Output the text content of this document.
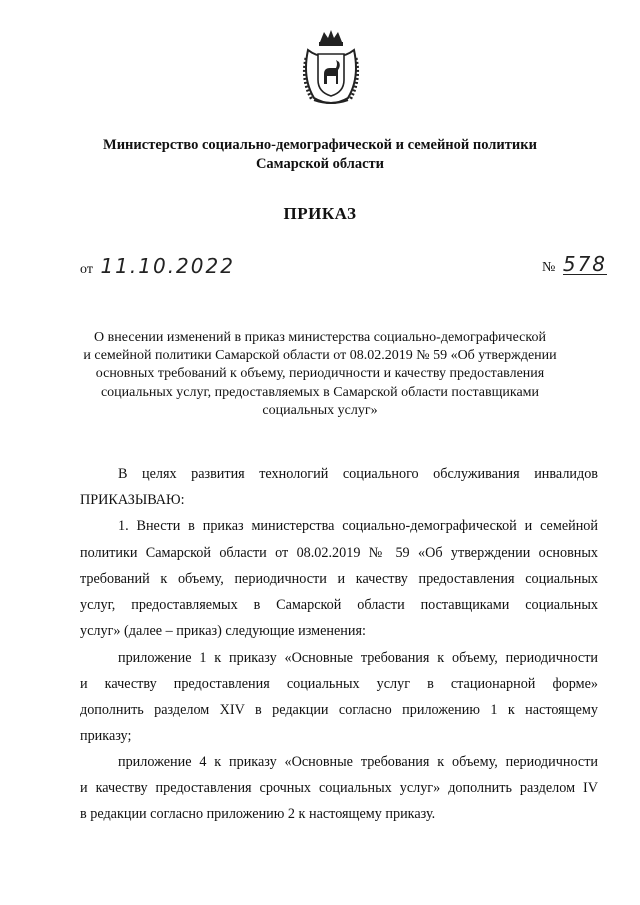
Министерство социально-демографической и семейной политики
Самарской области
ПРИКАЗ
от 11.10.2022	№ 578
О внесении изменений в приказ министерства социально-демографической
и семейной политики Самарской области от 08.02.2019 № 59 «Об утверждении
основных требований к объему, периодичности и качеству предоставления
социальных услуг, предоставляемых в Самарской области поставщиками
социальных услуг»
В целях развития технологий социального обслуживания инвалидов
ПРИКАЗЫВАЮ:
1. Внести в приказ министерства социально-демографической и семейной
политики Самарской области от 08.02.2019 № 59 «Об утверждении основных
требований к объему, периодичности и качеству предоставления социальных
услуг, предоставляемых в Самарской области поставщиками социальных
услуг» (далее – приказ) следующие изменения:
приложение 1 к приказу «Основные требования к объему, периодичности
и качеству предоставления социальных услуг в стационарной форме»
дополнить разделом XIV в редакции согласно приложению 1 к настоящему
приказу;
приложение 4 к приказу «Основные требования к объему, периодичности
и качеству предоставления срочных социальных услуг» дополнить разделом IV
в редакции согласно приложению 2 к настоящему приказу.
